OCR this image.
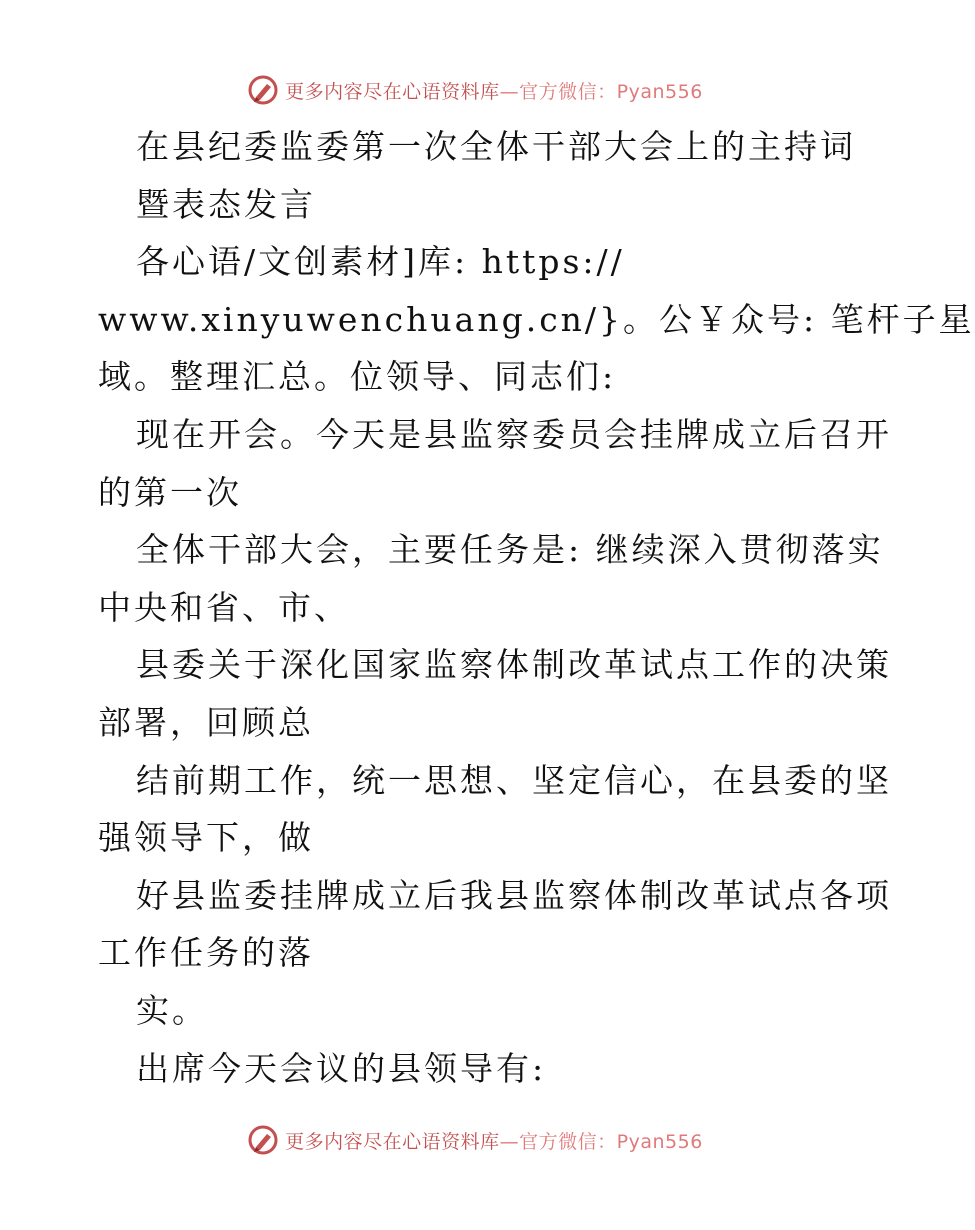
更多内容尽在心语资料库—官方微信：Pyan556
在县纪委监委第一次全体干部大会上的主持词
暨表态发言
各心语/文创素材]库: https://
www.xinyuwenchuang.cn/}。公￥众号: 笔杆子星
域。整理汇总。位领导、同志们:
现在开会。今天是县监察委员会挂牌成立后召开
的第一次
全体干部大会，主要任务是: 继续深入贯彻落实
中央和省、市、
县委关于深化国家监察体制改革试点工作的决策
部署，回顾总
结前期工作，统一思想、坚定信心，在县委的坚
强领导下，做
好县监委挂牌成立后我县监察体制改革试点各项
工作任务的落
实。
出席今天会议的县领导有:
更多内容尽在心语资料库—官方微信：Pyan556
